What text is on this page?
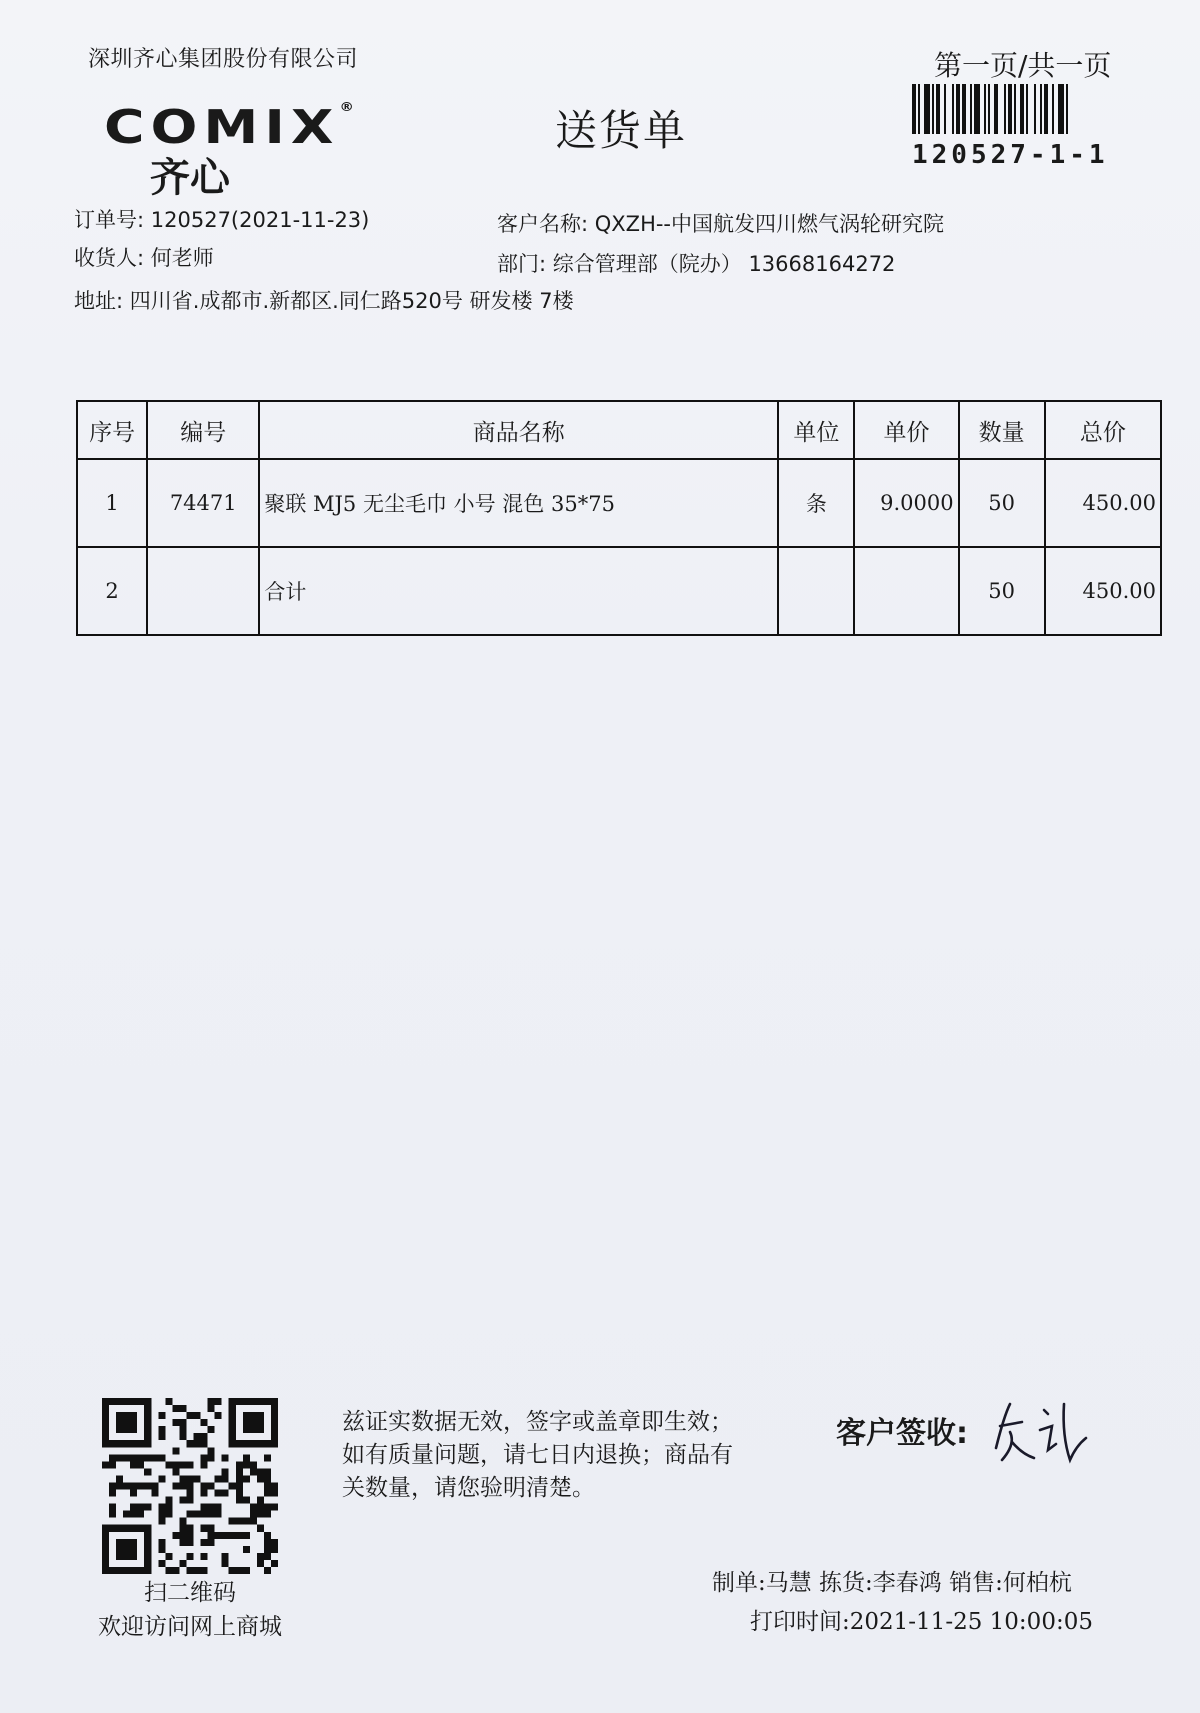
深圳齐心集团股份有限公司
COMIX®
齐心
送货单
第一页/共一页
120527-1-1
订单号: 120527(2021-11-23)	客户名称: QXZH--中国航发四川燃气涡轮研究院
收货人: 何老师	部门: 综合管理部（院办） 13668164272
地址: 四川省.成都市.新都区.同仁路520号 研发楼 7楼
序号	编号	商品名称	单位	单价	数量	总价
1	74471	聚联 MJ5 无尘毛巾 小号 混色 35*75	条	9.0000	50	450.00
2		合计			50	450.00
扫二维码
欢迎访问网上商城
兹证实数据无效，签字或盖章即生效；如有质量问题，请七日内退换；商品有关数量，请您验明清楚。
客户签收:
制单:马慧 拣货:李春鸿 销售:何柏杭
打印时间:2021-11-25 10:00:05
